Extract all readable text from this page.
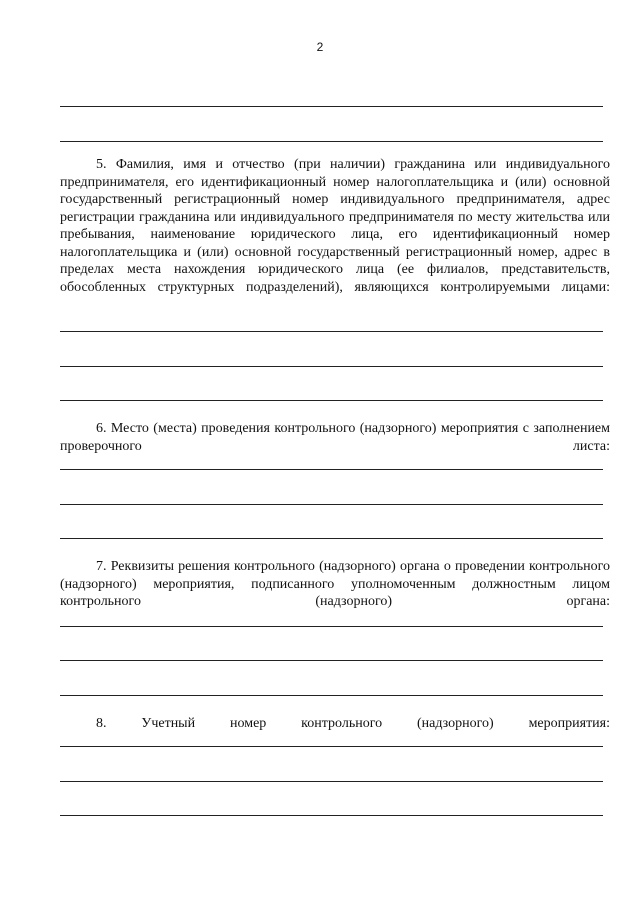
2
5. Фамилия, имя и отчество (при наличии) гражданина или индивидуального предпринимателя, его идентификационный номер налогоплательщика и (или) основной государственный регистрационный номер индивидуального предпринимателя, адрес регистрации гражданина или индивидуального предпринимателя по месту жительства или пребывания, наименование юридического лица, его идентификационный номер налогоплательщика и (или) основной государственный регистрационный номер, адрес в пределах места нахождения юридического лица (ее филиалов, представительств, обособленных структурных подразделений), являющихся контролируемыми лицами:
6. Место (места) проведения контрольного (надзорного) мероприятия с заполнением проверочного листа:
7. Реквизиты решения контрольного (надзорного) органа о проведении контрольного (надзорного) мероприятия, подписанного уполномоченным должностным лицом контрольного (надзорного) органа:
8. Учетный номер контрольного (надзорного) мероприятия:
